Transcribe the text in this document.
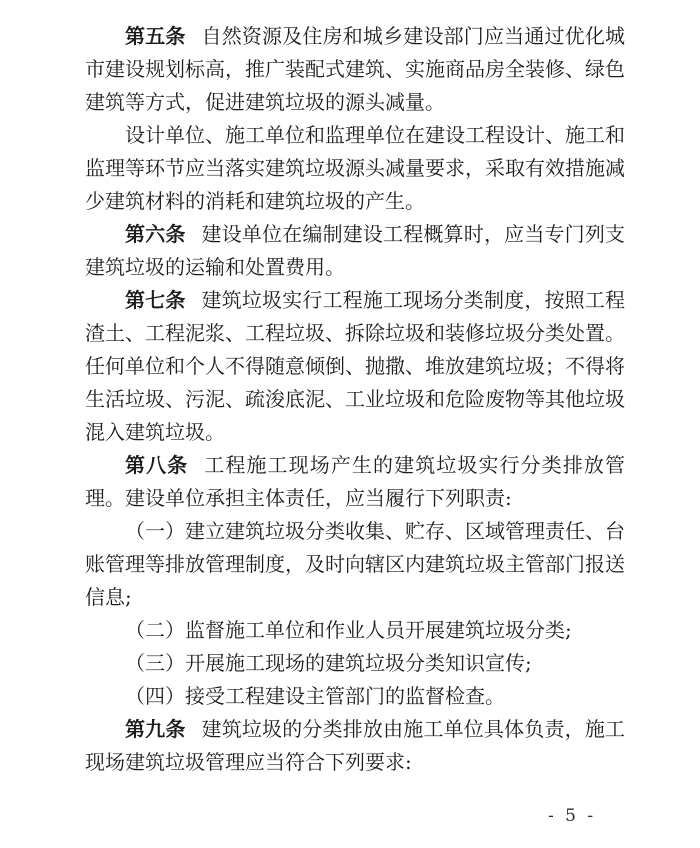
第五条 自然资源及住房和城乡建设部门应当通过优化城市建设规划标高，推广装配式建筑、实施商品房全装修、绿色建筑等方式，促进建筑垃圾的源头减量。

设计单位、施工单位和监理单位在建设工程设计、施工和监理等环节应当落实建筑垃圾源头减量要求，采取有效措施减少建筑材料的消耗和建筑垃圾的产生。

第六条 建设单位在编制建设工程概算时，应当专门列支建筑垃圾的运输和处置费用。

第七条 建筑垃圾实行工程施工现场分类制度，按照工程渣土、工程泥浆、工程垃圾、拆除垃圾和装修垃圾分类处置。任何单位和个人不得随意倾倒、抛撒、堆放建筑垃圾；不得将生活垃圾、污泥、疏浚底泥、工业垃圾和危险废物等其他垃圾混入建筑垃圾。

第八条 工程施工现场产生的建筑垃圾实行分类排放管理。建设单位承担主体责任，应当履行下列职责:

（一）建立建筑垃圾分类收集、贮存、区域管理责任、台账管理等排放管理制度，及时向辖区内建筑垃圾主管部门报送信息;

（二）监督施工单位和作业人员开展建筑垃圾分类;

（三）开展施工现场的建筑垃圾分类知识宣传;

（四）接受工程建设主管部门的监督检查。

第九条 建筑垃圾的分类排放由施工单位具体负责，施工现场建筑垃圾管理应当符合下列要求:

- 5 -
